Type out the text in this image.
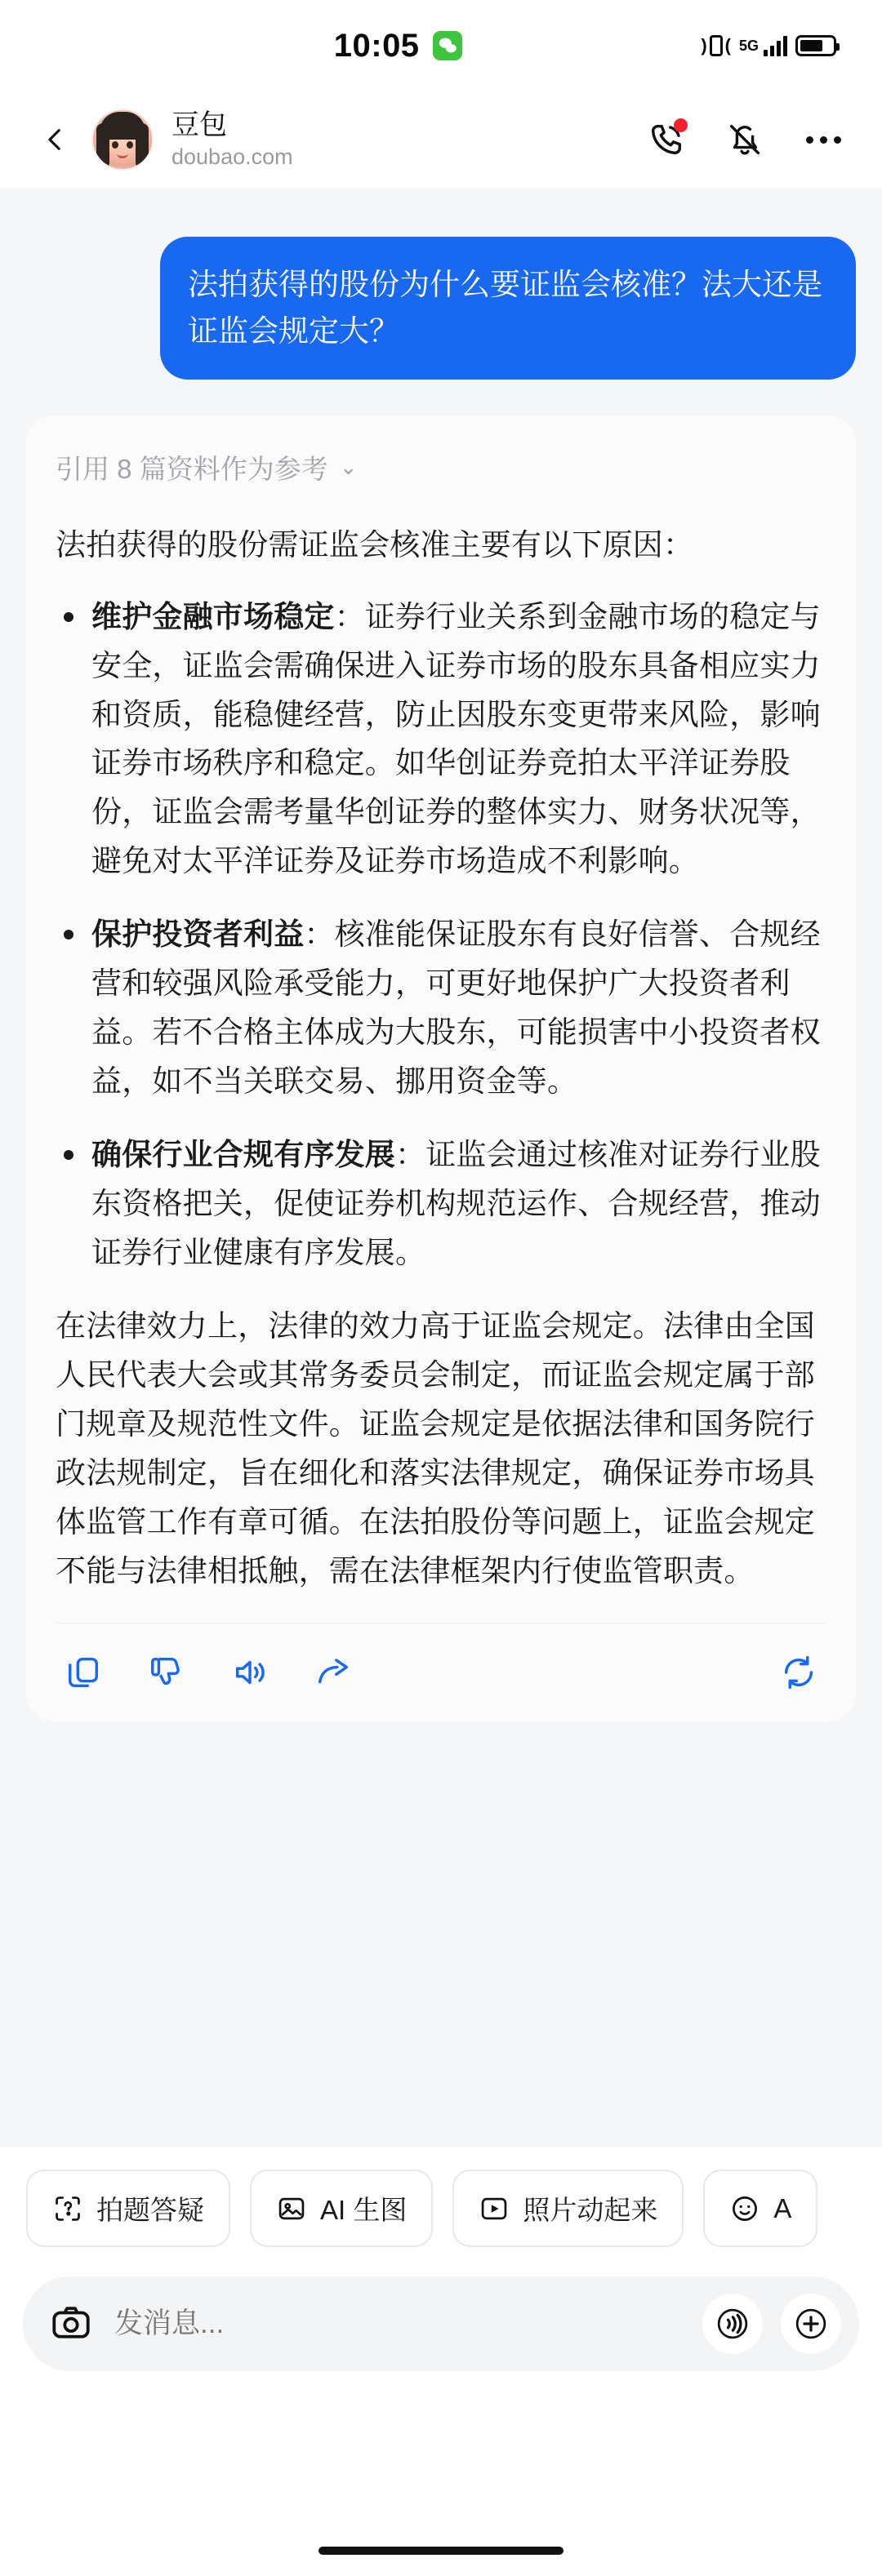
10:05	) ( 5G
豆包
doubao.com
法拍获得的股份为什么要证监会核准？法大还是证监会规定大？
引用 8 篇资料作为参考 ⌄
法拍获得的股份需证监会核准主要有以下原因：
维护金融市场稳定：证券行业关系到金融市场的稳定与安全，证监会需确保进入证券市场的股东具备相应实力和资质，能稳健经营，防止因股东变更带来风险，影响证券市场秩序和稳定。如华创证券竞拍太平洋证券股份，证监会需考量华创证券的整体实力、财务状况等，避免对太平洋证券及证券市场造成不利影响。
保护投资者利益：核准能保证股东有良好信誉、合规经营和较强风险承受能力，可更好地保护广大投资者利益。若不合格主体成为大股东，可能损害中小投资者权益，如不当关联交易、挪用资金等。
确保行业合规有序发展：证监会通过核准对证券行业股东资格把关，促使证券机构规范运作、合规经营，推动证券行业健康有序发展。
在法律效力上，法律的效力高于证监会规定。法律由全国人民代表大会或其常务委员会制定，而证监会规定属于部门规章及规范性文件。证监会规定是依据法律和国务院行政法规制定，旨在细化和落实法律规定，确保证券市场具体监管工作有章可循。在法拍股份等问题上，证监会规定不能与法律相抵触，需在法律框架内行使监管职责。
拍题答疑	AI 生图	照片动起来	A
发消息...
